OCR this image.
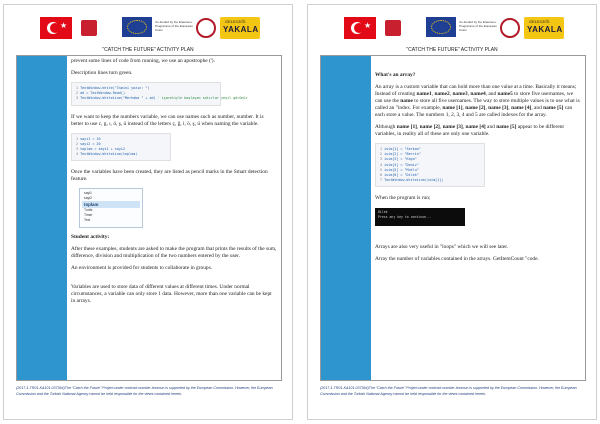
★	Co-funded by the Erasmus+ Programme of the European Union
GELECEĞİ
YAKALA
"CATCH THE FUTURE" ACTIVITY PLAN

prevent some lines of code from running, we use an apostrophe (').

Description lines turn green.

1 TextWindow.Write("Ismini yazın: ")
2 ad = TextWindow.Read()
3 TextWindow.WriteLine("Merhaba " + ad) ' işaretiyle başlayan satırlar yeşil görünür

If we want to keep the numbers variable, we can use names such as number, number. It is better to use c, g, ı, ö, ş, ü instead of the letters ç, ğ, i, ö, ş, ü when naming the variable.

1 sayi1 = 16
2 sayi2 = 20
3 toplam = sayi1 + sayi2
4 TextWindow.WriteLine(toplam)

Once the variables have been created, they are listed as pencil marks in the Smart detection feature.

sayi1
sayi2
toplam
Turtle
Timer
Text

Student activity:

After these examples, students are asked to make the program that prints the results of the sum, difference, division and multiplication of the two numbers entered by the user.

An environment is provided for students to collaborate in groups.

Variables are used to store data of different values at different times. Under normal circumstances, a variable can only store 1 data. However, more than one variable can be kept in arrays.

(2017-1-TR01-KA101-037364)The "Catch the Future" Project under contract number bncmun is supported by the European Commission. However, the European Commission and the Turkish National Agency cannot be held responsible for the views contained herein.
★	Co-funded by the Erasmus+ Programme of the European Union
GELECEĞİ
YAKALA
"CATCH THE FUTURE" ACTIVITY PLAN

What's an array?

An array is a custom variable that can hold more than one value at a time. Basically it means; Instead of creating name1, name2, name3, name4, and name5 to store five usernames, we can use the name to store all five usernames. The way to store multiple values is to use what is called an "index. For example, name [1], name [2], name [3], name [4], and name [5] can each store a value. The numbers 1, 2, 3, 4 and 5 are called indexes for the array.

Although name [1], name [2], name [3], name [4] and name [5] appear to be different variables, in reality all of these are only one variable.

1 isim[1] = "Serkan"
2 isim[2] = "Berrin"
3 isim[3] = "Kaya"
4 isim[4] = "Deniz"
5 isim[5] = "Mutlu"
6 isim[6] = "Dilek"
7 TextWindow.WriteLine(isim[1])

When the program is run;

Dilek
Press any key to continue...

Arrays are also very useful in "loops" which we will see later.

Array the number of variables contained in the arrays. GetItemCount "code.

(2017-1-TR01-KA101-037364)The "Catch the Future" Project under contract number bncmun is supported by the European Commission. However, the European Commission and the Turkish National Agency cannot be held responsible for the views contained herein.
